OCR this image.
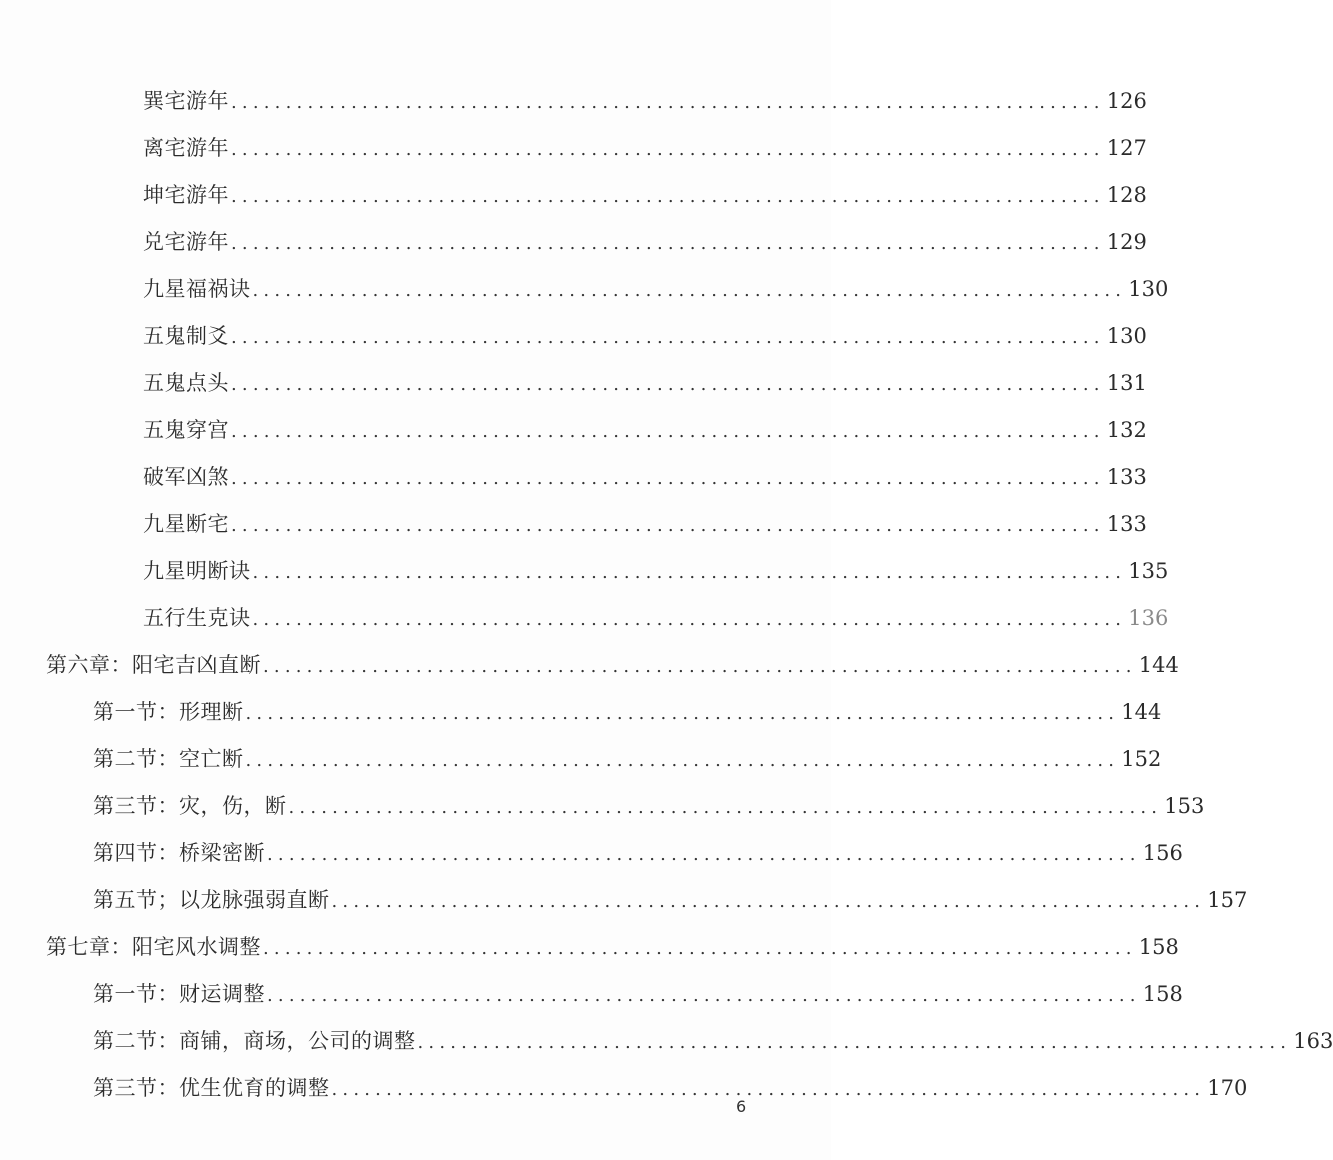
巽宅游年 ................................................................................ 126
离宅游年 ................................................................................ 127
坤宅游年 ................................................................................ 128
兑宅游年 ................................................................................ 129
九星福祸诀 ................................................................................ 130
五鬼制爻 ................................................................................ 130
五鬼点头 ................................................................................ 131
五鬼穿宫 ................................................................................ 132
破军凶煞 ................................................................................ 133
九星断宅 ................................................................................ 133
九星明断诀 ................................................................................ 135
五行生克诀 ................................................................................ 136
第六章：阳宅吉凶直断 ................................................................................ 144
第一节：形理断 ................................................................................ 144
第二节：空亡断 ................................................................................ 152
第三节：灾，伤，断 ................................................................................ 153
第四节：桥梁密断 ................................................................................ 156
第五节；以龙脉强弱直断 ................................................................................ 157
第七章：阳宅风水调整 ................................................................................ 158
第一节：财运调整 ................................................................................ 158
第二节：商铺，商场，公司的调整 ................................................................................ 163
第三节：优生优育的调整 ................................................................................ 170
6
